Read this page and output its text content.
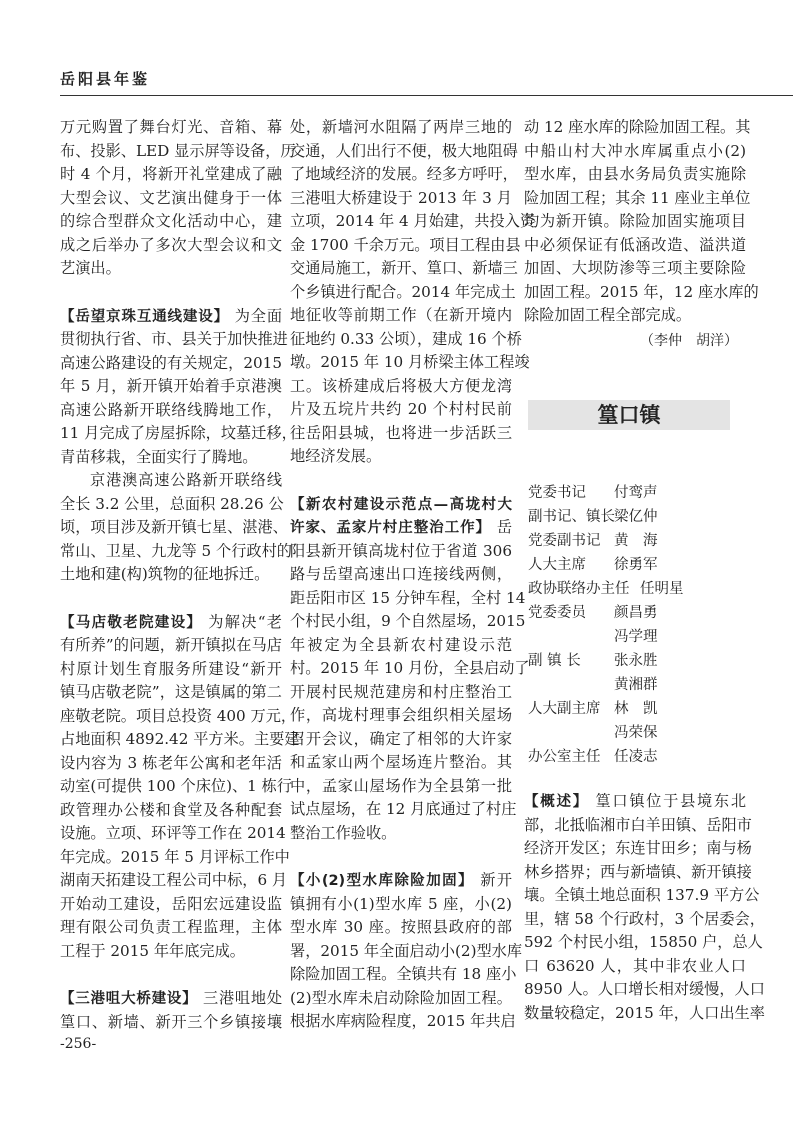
岳阳县年鉴
万元购置了舞台灯光、音箱、幕
布、投影、LED 显示屏等设备，历
时 4 个月，将新开礼堂建成了融
大型会议、文艺演出健身于一体
的综合型群众文化活动中心，建
成之后举办了多次大型会议和文
艺演出。
【岳望京珠互通线建设】 为全面
贯彻执行省、市、县关于加快推进
高速公路建设的有关规定，2015
年 5 月，新开镇开始着手京港澳
高速公路新开联络线腾地工作，
11 月完成了房屋拆除，坟墓迁移，
青苗移栽，全面实行了腾地。
京港澳高速公路新开联络线
全长 3.2 公里，总面积 28.26 公
顷，项目涉及新开镇七星、湛港、
常山、卫星、九龙等 5 个行政村的
土地和建(构)筑物的征地拆迁。
【马店敬老院建设】 为解决“老
有所养”的问题，新开镇拟在马店
村原计划生育服务所建设“新开
镇马店敬老院”，这是镇属的第二
座敬老院。项目总投资 400 万元，
占地面积 4892.42 平方米。主要建
设内容为 3 栋老年公寓和老年活
动室(可提供 100 个床位)、1 栋行
政管理办公楼和食堂及各种配套
设施。立项、环评等工作在 2014
年完成。2015 年 5 月评标工作中
湖南天拓建设工程公司中标，6 月
开始动工建设，岳阳宏远建设监
理有限公司负责工程监理，主体
工程于 2015 年年底完成。
【三港咀大桥建设】 三港咀地处
篁口、新墙、新开三个乡镇接壤
处，新墙河水阻隔了两岸三地的
交通，人们出行不便，极大地阻碍
了地域经济的发展。经多方呼吁，
三港咀大桥建设于 2013 年 3 月
立项，2014 年 4 月始建，共投入资
金 1700 千余万元。项目工程由县
交通局施工，新开、篁口、新墙三
个乡镇进行配合。2014 年完成土
地征收等前期工作（在新开境内
征地约 0.33 公顷），建成 16 个桥
墩。2015 年 10 月桥梁主体工程竣
工。该桥建成后将极大方便龙湾
片及五垸片共约 20 个村村民前
往岳阳县城，也将进一步活跃三
地经济发展。
【新农村建设示范点—高垅村大
许家、孟家片村庄整治工作】 岳
阳县新开镇高垅村位于省道 306
路与岳望高速出口连接线两侧，
距岳阳市区 15 分钟车程，全村 14
个村民小组，9 个自然屋场，2015
年被定为全县新农村建设示范
村。2015 年 10 月份，全县启动了
开展村民规范建房和村庄整治工
作，高垅村理事会组织相关屋场
召开会议，确定了相邻的大许家
和孟家山两个屋场连片整治。其
中，孟家山屋场作为全县第一批
试点屋场，在 12 月底通过了村庄
整治工作验收。
【小(2)型水库除险加固】 新开
镇拥有小(1)型水库 5 座，小(2)
型水库 30 座。按照县政府的部
署，2015 年全面启动小(2)型水库
除险加固工程。全镇共有 18 座小
(2)型水库未启动除险加固工程。
根据水库病险程度，2015 年共启
动 12 座水库的除险加固工程。其
中船山村大冲水库属重点小(2)
型水库，由县水务局负责实施除
险加固工程；其余 11 座业主单位
均为新开镇。除险加固实施项目
中必须保证有低涵改造、溢洪道
加固、大坝防渗等三项主要除险
加固工程。2015 年，12 座水库的
除险加固工程全部完成。
（李仲　胡洋）
篁口镇
党委书记	付鸾声
副书记、镇长 梁亿仲
党委副书记 黄　海
人大主席	徐勇军
政协联络办主任 任明星
党委委员	颜昌勇
冯学理
副 镇 长	张永胜
黄湘群
人大副主席 林　凯
冯荣保
办公室主任 任凌志
【概述】 篁口镇位于县境东北
部，北抵临湘市白羊田镇、岳阳市
经济开发区；东连甘田乡；南与杨
林乡搭界；西与新墙镇、新开镇接
壤。全镇土地总面积 137.9 平方公
里，辖 58 个行政村，3 个居委会，
592 个村民小组，15850 户，总人
口 63620 人，其中非农业人口
8950 人。人口增长相对缓慢，人口
数量较稳定，2015 年，人口出生率
-256-
